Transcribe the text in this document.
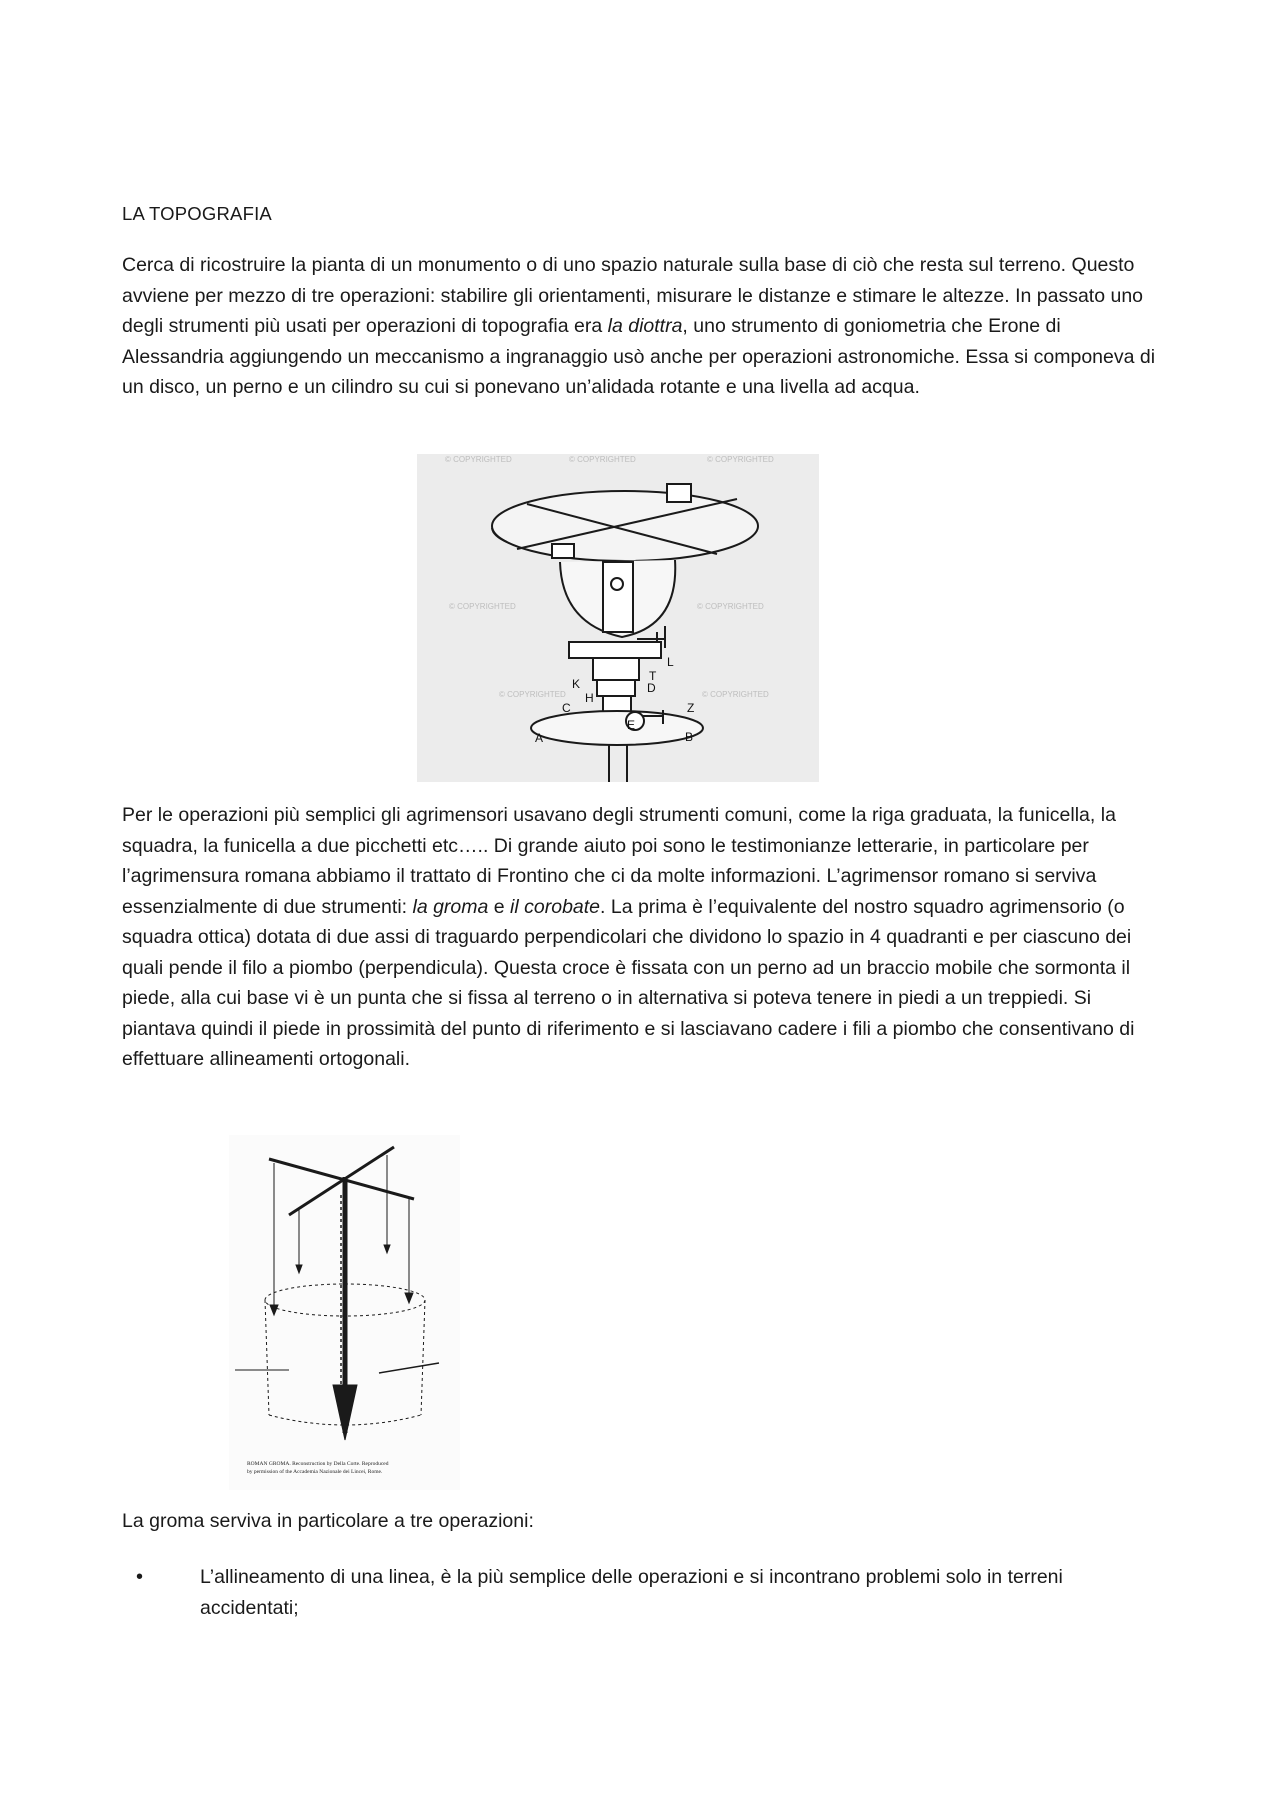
LA TOPOGRAFIA

Cerca di ricostruire la pianta di un monumento o di uno spazio naturale sulla base di ciò che resta sul terreno. Questo avviene per mezzo di tre operazioni: stabilire gli orientamenti, misurare le distanze e stimare le altezze. In passato uno degli strumenti più usati per operazioni di topografia era la diottra, uno strumento di goniometria che Erone di Alessandria aggiungendo un meccanismo a ingranaggio usò anche per operazioni astronomiche. Essa si componeva di un disco, un perno e un cilindro su cui si ponevano un’alidada rotante e una livella ad acqua.

© COPYRIGHTED	© COPYRIGHTED	© COPYRIGHTED
© COPYRIGHTED	© COPYRIGHTED
© COPYRIGHTED	© COPYRIGHTED
L
T
K	D
H
C	Z
E
A	B

Per le operazioni più semplici gli agrimensori usavano degli strumenti comuni, come la riga graduata, la funicella, la squadra, la funicella a due picchetti etc….. Di grande aiuto poi sono le testimonianze letterarie, in particolare per l’agrimensura romana abbiamo il trattato di Frontino che ci da molte informazioni. L’agrimensor romano si serviva essenzialmente di due strumenti: la groma e il corobate. La prima è l’equivalente del nostro squadro agrimensorio (o squadra ottica) dotata di due assi di traguardo perpendicolari che dividono lo spazio in 4 quadranti e per ciascuno dei quali pende il filo a piombo (perpendicula). Questa croce è fissata con un perno ad un braccio mobile che sormonta il piede, alla cui base vi è un punta che si fissa al terreno o in alternativa si poteva tenere in piedi a un treppiedi. Si piantava quindi il piede in prossimità del punto di riferimento e si lasciavano cadere i fili a piombo che consentivano di effettuare allineamenti ortogonali.

ROMAN GROMA. Reconstruction by Della Corte. Reproduced
by permission of the Accademia Nazionale dei Lincei, Rome.

La groma serviva in particolare a tre operazioni:

•	L’allineamento di una linea, è la più semplice delle operazioni e si incontrano problemi solo in terreni accidentati;
